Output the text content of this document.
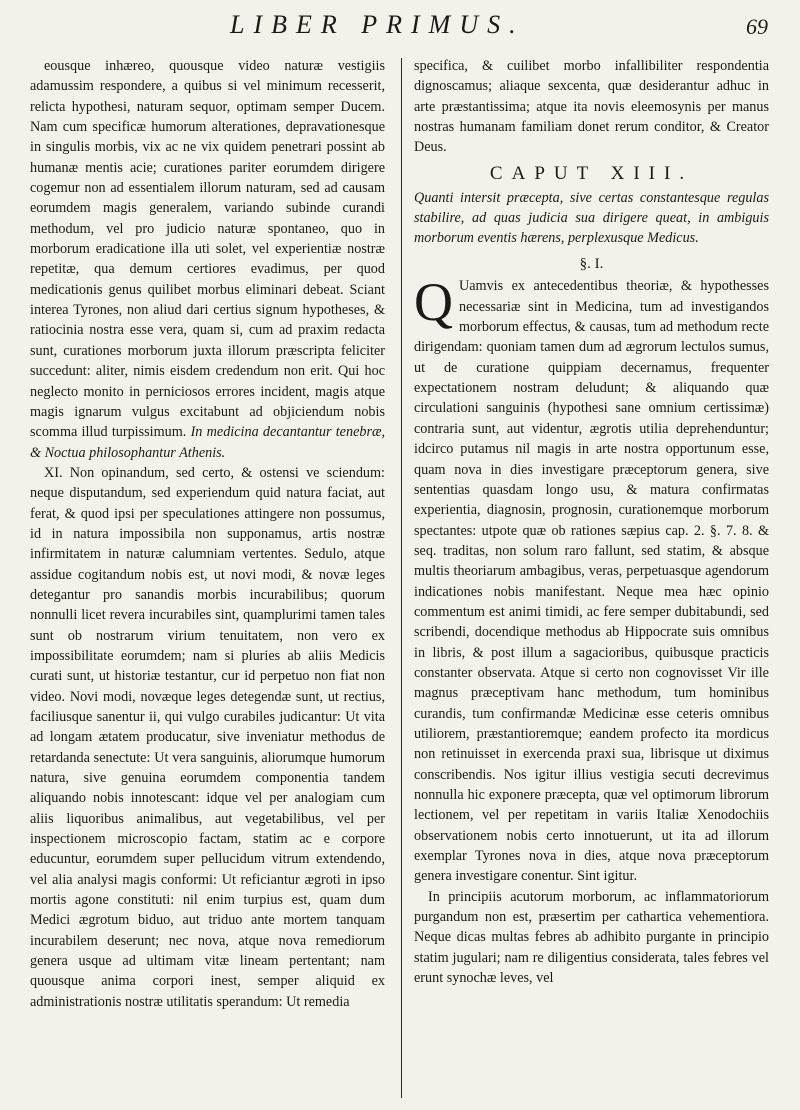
LIBER PRIMUS.	69

eousque inhæreo, quousque video naturæ vestigiis adamussim respondere, a quibus si vel minimum recesserit, relicta hypothesi, naturam sequor, optimam semper Ducem. Nam cum specificæ humorum alterationes, depravationesque in singulis morbis, vix ac ne vix quidem penetrari possint ab humanæ mentis acie; curationes pariter eorumdem dirigere cogemur non ad essentialem illorum naturam, sed ad causam eorumdem magis generalem, variando subinde curandi methodum, vel pro judicio naturæ spontaneo, quo in morborum eradicatione illa uti solet, vel experientiæ nostræ repetitæ, qua demum certiores evadimus, per quod medicationis genus quilibet morbus eliminari debeat. Sciant interea Tyrones, non aliud dari certius signum hypotheses, & ratiocinia nostra esse vera, quam si, cum ad praxim redacta sunt, curationes morborum juxta illorum præscripta feliciter succedunt: aliter, nimis eisdem credendum non erit. Qui hoc neglecto monito in perniciosos errores incident, magis atque magis ignarum vulgus excitabunt ad objiciendum nobis scomma illud turpissimum. In medicina decantantur tenebræ, & Noctua philosophantur Athenis.

XI. Non opinandum, sed certo, & ostensi ve sciendum: neque disputandum, sed experiendum quid natura faciat, aut ferat, & quod ipsi per speculationes attingere non possumus, id in natura impossibila non supponamus, artis nostræ infirmitatem in naturæ calumniam vertentes. Sedulo, atque assidue cogitandum nobis est, ut novi modi, & novæ leges detegantur pro sanandis morbis incurabilibus; quorum nonnulli licet revera incurabiles sint, quamplurimi tamen tales sunt ob nostrarum virium tenuitatem, non vero ex impossibilitate eorumdem; nam si pluries ab aliis Medicis curati sunt, ut historiæ testantur, cur id perpetuo non fiat non video. Novi modi, novæque leges detegendæ sunt, ut rectius, faciliusque sanentur ii, qui vulgo curabiles judicantur: Ut vita ad longam ætatem producatur, sive inveniatur methodus de retardanda senectute: Ut vera sanguinis, aliorumque humorum natura, sive genuina eorumdem componentia tandem aliquando nobis innotescant: idque vel per analogiam cum aliis liquoribus animalibus, aut vegetabilibus, vel per inspectionem microscopio factam, statim ac e corpore educuntur, eorumdem super pellucidum vitrum extendendo, vel alia analysi magis conformi: Ut reficiantur ægroti in ipso mortis agone constituti: nil enim turpius est, quam dum Medici ægrotum biduo, aut triduo ante mortem tanquam incurabilem deserunt; nec nova, atque nova remediorum genera usque ad ultimam vitæ lineam pertentant; nam quousque anima corpori inest, semper aliquid ex administrationis nostræ utilitatis sperandum: Ut remedia

specifica, & cuilibet morbo infallibiliter respondentia dignoscamus; aliaque sexcenta, quæ desiderantur adhuc in arte præstantissima; atque ita novis eleemosynis per manus nostras humanam familiam donet rerum conditor, & Creator Deus.

CAPUT XIII.

Quanti intersit præcepta, sive certas constantesque regulas stabilire, ad quas judicia sua dirigere queat, in ambiguis morborum eventis hærens, perplexusque Medicus.

§. I.

Q Uamvis ex antecedentibus theoriæ, & hypothesses necessariæ sint in Medicina, tum ad investigandos morborum effectus, & causas, tum ad methodum recte dirigendam: quoniam tamen dum ad ægrorum lectulos sumus, ut de curatione quippiam decernamus, frequenter expectationem nostram deludunt; & aliquando quæ circulationi sanguinis (hypothesi sane omnium certissimæ) contraria sunt, aut videntur, ægrotis utilia deprehenduntur; idcirco putamus nil magis in arte nostra opportunum esse, quam nova in dies investigare præceptorum genera, sive sententias quasdam longo usu, & matura confirmatas experientia, diagnosin, prognosin, curationemque morborum spectantes: utpote quæ ob rationes sæpius cap. 2. §. 7. 8. & seq. traditas, non solum raro fallunt, sed statim, & absque multis theoriarum ambagibus, veras, perpetuasque agendorum indicationes nobis manifestant. Neque mea hæc opinio commentum est animi timidi, ac fere semper dubitabundi, sed scribendi, docendique methodus ab Hippocrate suis omnibus in libris, & post illum a sagacioribus, quibusque practicis constanter observata. Atque si certo non cognovisset Vir ille magnus præceptivam hanc methodum, tum hominibus curandis, tum confirmandæ Medicinæ esse ceteris omnibus utiliorem, præstantioremque; eandem profecto ita mordicus non retinuisset in exercenda praxi sua, librisque ut diximus conscribendis. Nos igitur illius vestigia secuti decrevimus nonnulla hic exponere præcepta, quæ vel optimorum librorum lectionem, vel per repetitam in variis Italiæ Xenodochiis observationem nobis certo innotuerunt, ut ita ad illorum exemplar Tyrones nova in dies, atque nova præceptorum genera investigare conentur. Sint igitur.

In principiis acutorum morborum, ac inflammatoriorum purgandum non est, præsertim per cathartica vehementiora. Neque dicas multas febres ab adhibito purgante in principio statim jugulari; nam re diligentius considerata, tales febres vel erunt synochæ leves, vel
